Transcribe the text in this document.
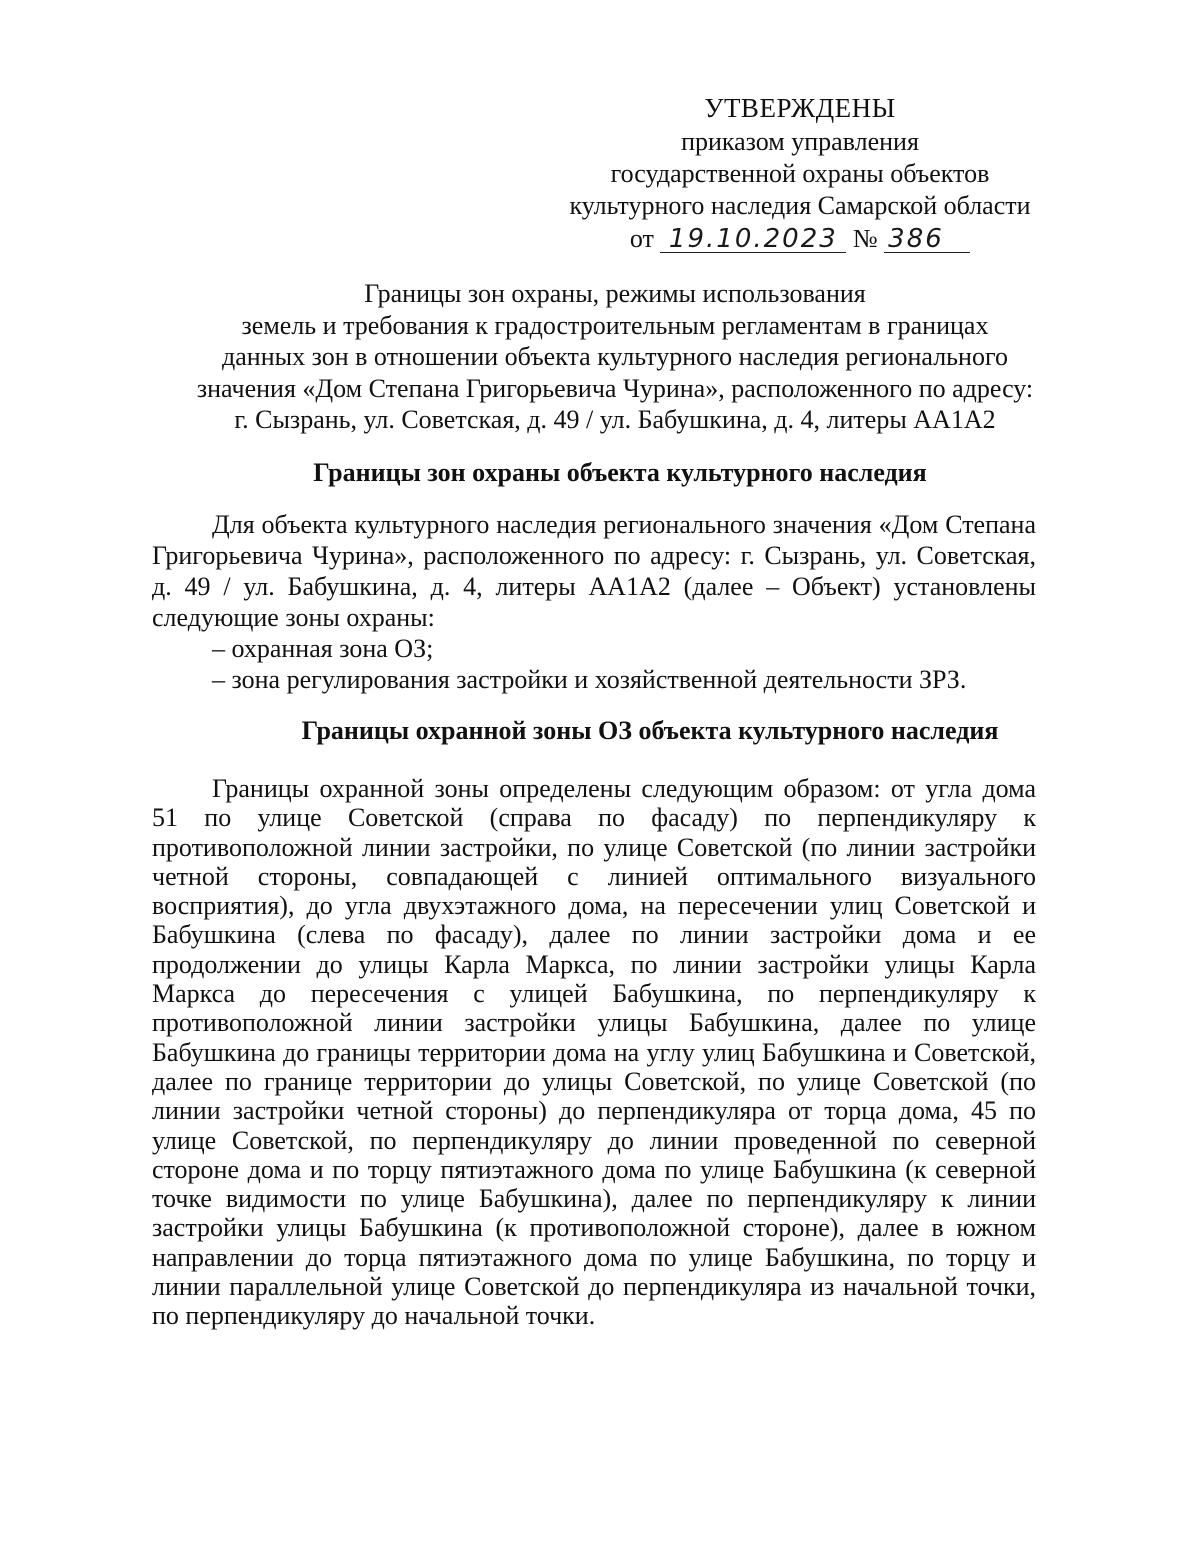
УТВЕРЖДЕНЫ
приказом управления
государственной охраны объектов
культурного наследия Самарской области
от 19.10.2023 № 386
Границы зон охраны, режимы использования
земель и требования к градостроительным регламентам в границах
данных зон в отношении объекта культурного наследия регионального
значения «Дом Степана Григорьевича Чурина», расположенного по адресу:
г. Сызрань, ул. Советская, д. 49 / ул. Бабушкина, д. 4, литеры АА1А2
Границы зон охраны объекта культурного наследия
Для объекта культурного наследия регионального значения «Дом Степана Григорьевича Чурина», расположенного по адресу: г. Сызрань, ул. Советская, д. 49 / ул. Бабушкина, д. 4, литеры АА1А2 (далее – Объект) установлены следующие зоны охраны:
– охранная зона ОЗ;
– зона регулирования застройки и хозяйственной деятельности ЗРЗ.
Границы охранной зоны ОЗ объекта культурного наследия
Границы охранной зоны определены следующим образом: от угла дома 51 по улице Советской (справа по фасаду) по перпендикуляру к противоположной линии застройки, по улице Советской (по линии застройки четной стороны, совпадающей с линией оптимального визуального восприятия), до угла двухэтажного дома, на пересечении улиц Советской и Бабушкина (слева по фасаду), далее по линии застройки дома и ее продолжении до улицы Карла Маркса, по линии застройки улицы Карла Маркса до пересечения с улицей Бабушкина, по перпендикуляру к противоположной линии застройки улицы Бабушкина, далее по улице Бабушкина до границы территории дома на углу улиц Бабушкина и Советской, далее по границе территории до улицы Советской, по улице Советской (по линии застройки четной стороны) до перпендикуляра от торца дома, 45 по улице Советской, по перпендикуляру до линии проведенной по северной стороне дома и по торцу пятиэтажного дома по улице Бабушкина (к северной точке видимости по улице Бабушкина), далее по перпендикуляру к линии застройки улицы Бабушкина (к противоположной стороне), далее в южном направлении до торца пятиэтажного дома по улице Бабушкина, по торцу и линии параллельной улице Советской до перпендикуляра из начальной точки, по перпендикуляру до начальной точки.
